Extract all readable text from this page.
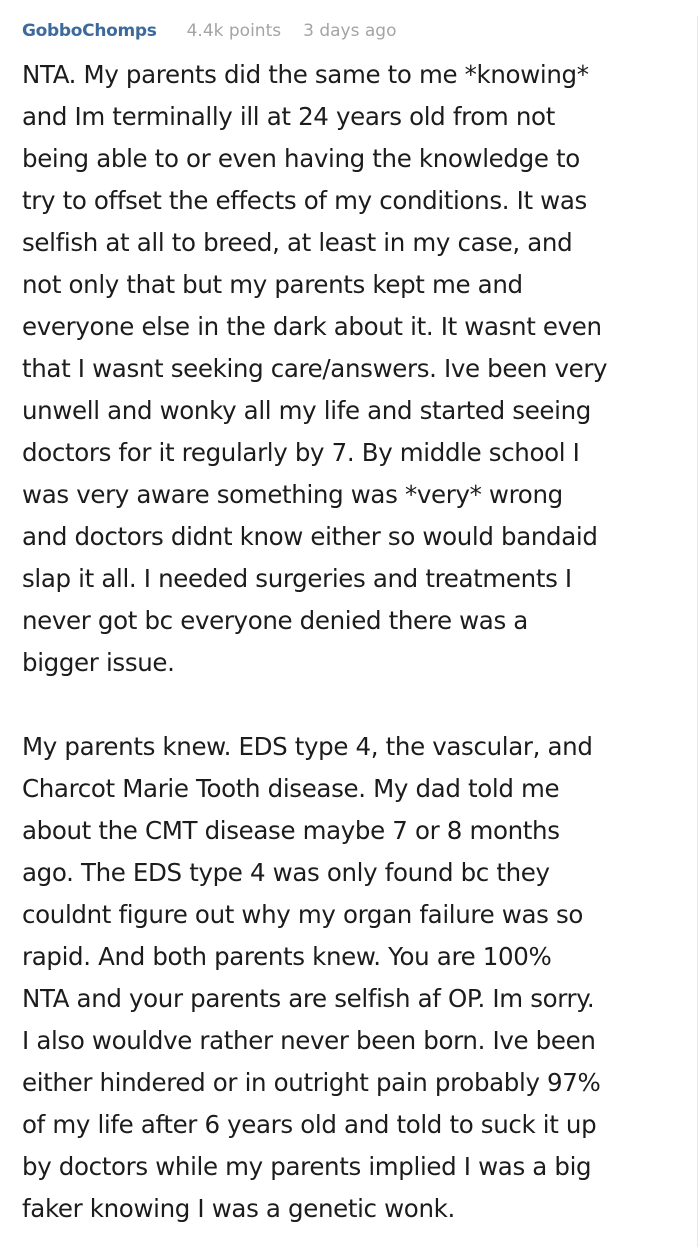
GobboChomps 4.4k points 3 days ago
NTA. My parents did the same to me *knowing*
and Im terminally ill at 24 years old from not
being able to or even having the knowledge to
try to offset the effects of my conditions. It was
selfish at all to breed, at least in my case, and
not only that but my parents kept me and
everyone else in the dark about it. It wasnt even
that I wasnt seeking care/answers. Ive been very
unwell and wonky all my life and started seeing
doctors for it regularly by 7. By middle school I
was very aware something was *very* wrong
and doctors didnt know either so would bandaid
slap it all. I needed surgeries and treatments I
never got bc everyone denied there was a
bigger issue.
My parents knew. EDS type 4, the vascular, and
Charcot Marie Tooth disease. My dad told me
about the CMT disease maybe 7 or 8 months
ago. The EDS type 4 was only found bc they
couldnt figure out why my organ failure was so
rapid. And both parents knew. You are 100%
NTA and your parents are selfish af OP. Im sorry.
I also wouldve rather never been born. Ive been
either hindered or in outright pain probably 97%
of my life after 6 years old and told to suck it up
by doctors while my parents implied I was a big
faker knowing I was a genetic wonk.
